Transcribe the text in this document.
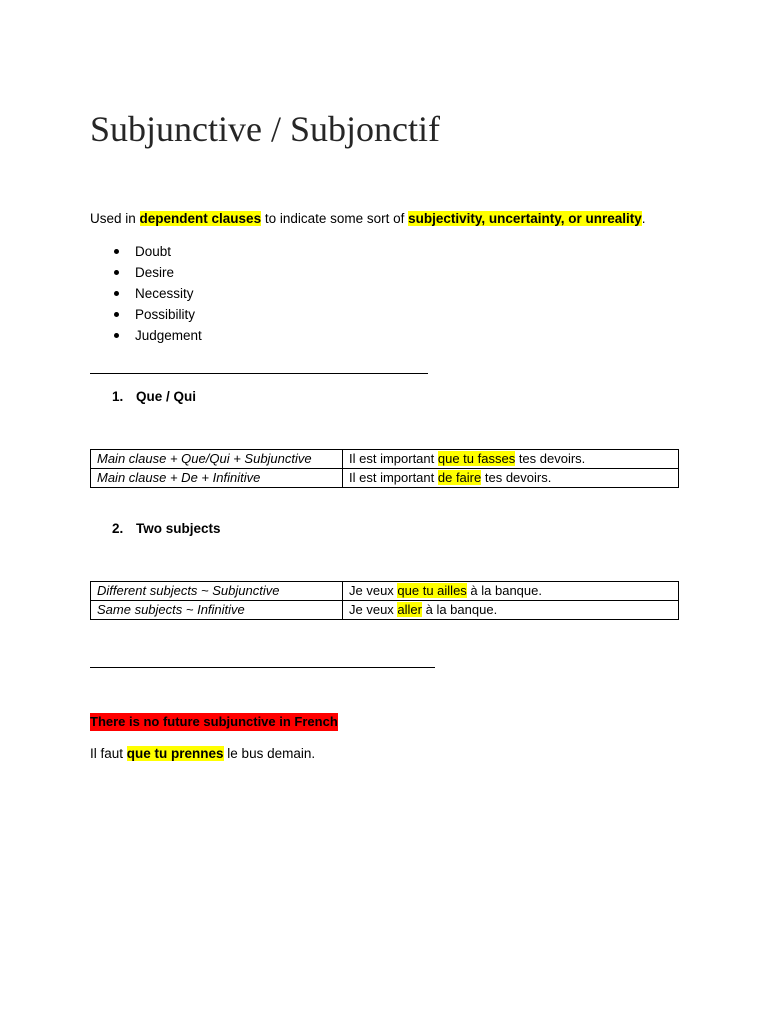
Subjunctive / Subjonctif
Used in dependent clauses to indicate some sort of subjectivity, uncertainty, or unreality.
Doubt
Desire
Necessity
Possibility
Judgement
1. Que / Qui
Main clause + Que/Qui + Subjunctive	Il est important que tu fasses tes devoirs.
Main clause + De + Infinitive	Il est important de faire tes devoirs.
2. Two subjects
Different subjects ~ Subjunctive	Je veux que tu ailles à la banque.
Same subjects ~ Infinitive	Je veux aller à la banque.
There is no future subjunctive in French
Il faut que tu prennes le bus demain.
